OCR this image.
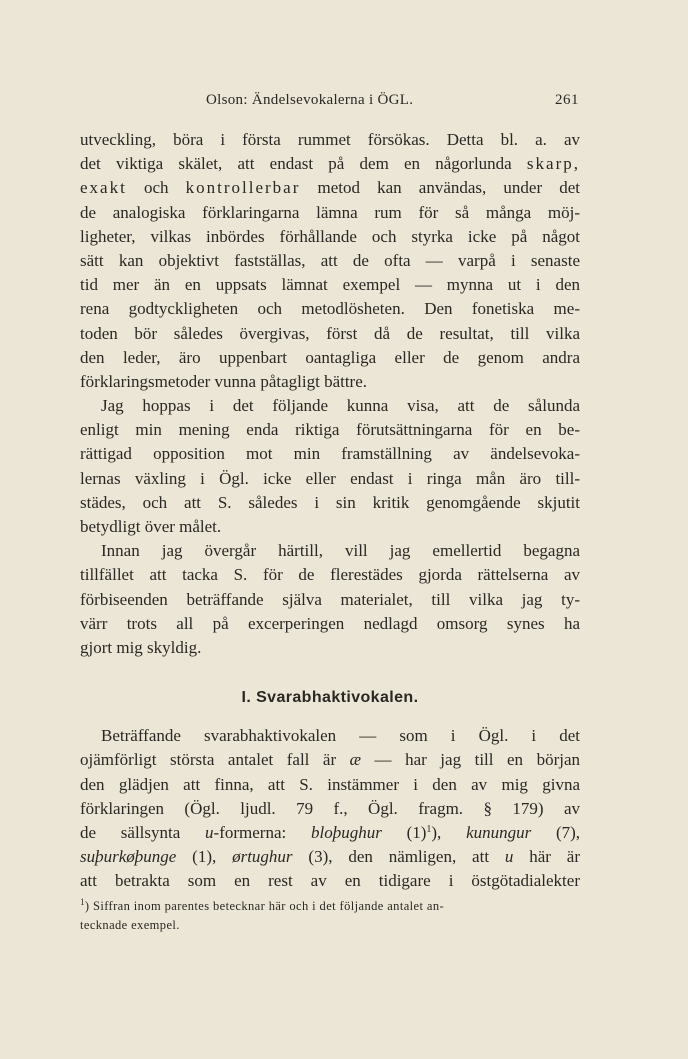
Olson: Ändelsevokalerna i ÖGL.	261
utveckling, böra i första rummet försökas. Detta bl. a. av
det viktiga skälet, att endast på dem en någorlunda skarp,
exakt och kontrollerbar metod kan användas, under det
de analogiska förklaringarna lämna rum för så många möj-
ligheter, vilkas inbördes förhållande och styrka icke på något
sätt kan objektivt fastställas, att de ofta — varpå i senaste
tid mer än en uppsats lämnat exempel — mynna ut i den
rena godtyckligheten och metodlösheten. Den fonetiska me-
toden bör således övergivas, först då de resultat, till vilka
den leder, äro uppenbart oantagliga eller de genom andra
förklaringsmetoder vunna påtagligt bättre.
Jag hoppas i det följande kunna visa, att de sålunda
enligt min mening enda riktiga förutsättningarna för en be-
rättigad opposition mot min framställning av ändelsevoka-
lernas växling i Ögl. icke eller endast i ringa mån äro till-
städes, och att S. således i sin kritik genomgående skjutit
betydligt över målet.
Innan jag övergår härtill, vill jag emellertid begagna
tillfället att tacka S. för de flerestädes gjorda rättelserna av
förbiseenden beträffande själva materialet, till vilka jag ty-
värr trots all på excerperingen nedlagd omsorg synes ha
gjort mig skyldig.
I. Svarabhaktivokalen.
Beträffande svarabhaktivokalen — som i Ögl. i det
ojämförligt största antalet fall är æ — har jag till en början
den glädjen att finna, att S. instämmer i den av mig givna
förklaringen (Ögl. ljudl. 79 f., Ögl. fragm. § 179) av
de sällsynta u-formerna: bloþughur $(1)^1$), kunungur (7),
suþurkøþunge (1), ørtughur (3), den nämligen, att u här är
att betrakta som en rest av en tidigare i östgötadialekter
$^1$) Siffran inom parentes betecknar här och i det följande antalet an-
tecknade exempel.
